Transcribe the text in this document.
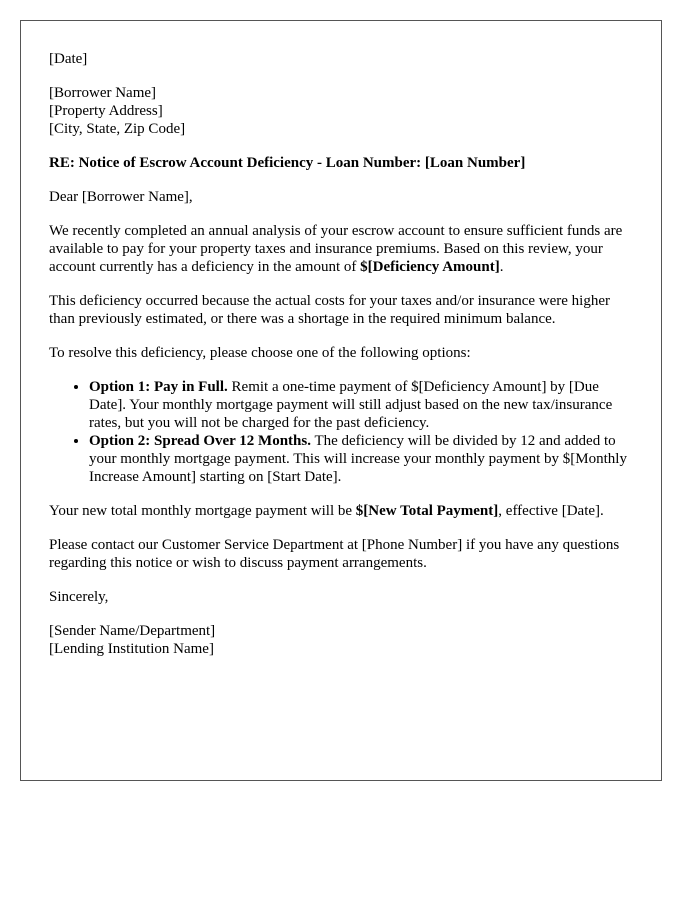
[Date]

[Borrower Name]

[Property Address]

[City, State, Zip Code]

RE: Notice of Escrow Account Deficiency - Loan Number: [Loan Number]

Dear [Borrower Name],

We recently completed an annual analysis of your escrow account to ensure sufficient funds are available to pay for your property taxes and insurance premiums. Based on this review, your account currently has a deficiency in the amount of $[Deficiency Amount].

This deficiency occurred because the actual costs for your taxes and/or insurance were higher than previously estimated, or there was a shortage in the required minimum balance.

To resolve this deficiency, please choose one of the following options:

• Option 1: Pay in Full. Remit a one-time payment of $[Deficiency Amount] by [Due Date]. Your monthly mortgage payment will still adjust based on the new tax/insurance rates, but you will not be charged for the past deficiency.
• Option 2: Spread Over 12 Months. The deficiency will be divided by 12 and added to your monthly mortgage payment. This will increase your monthly payment by $[Monthly Increase Amount] starting on [Start Date].

Your new total monthly mortgage payment will be $[New Total Payment], effective [Date].

Please contact our Customer Service Department at [Phone Number] if you have any questions regarding this notice or wish to discuss payment arrangements.

Sincerely,

[Sender Name/Department]

[Lending Institution Name]
